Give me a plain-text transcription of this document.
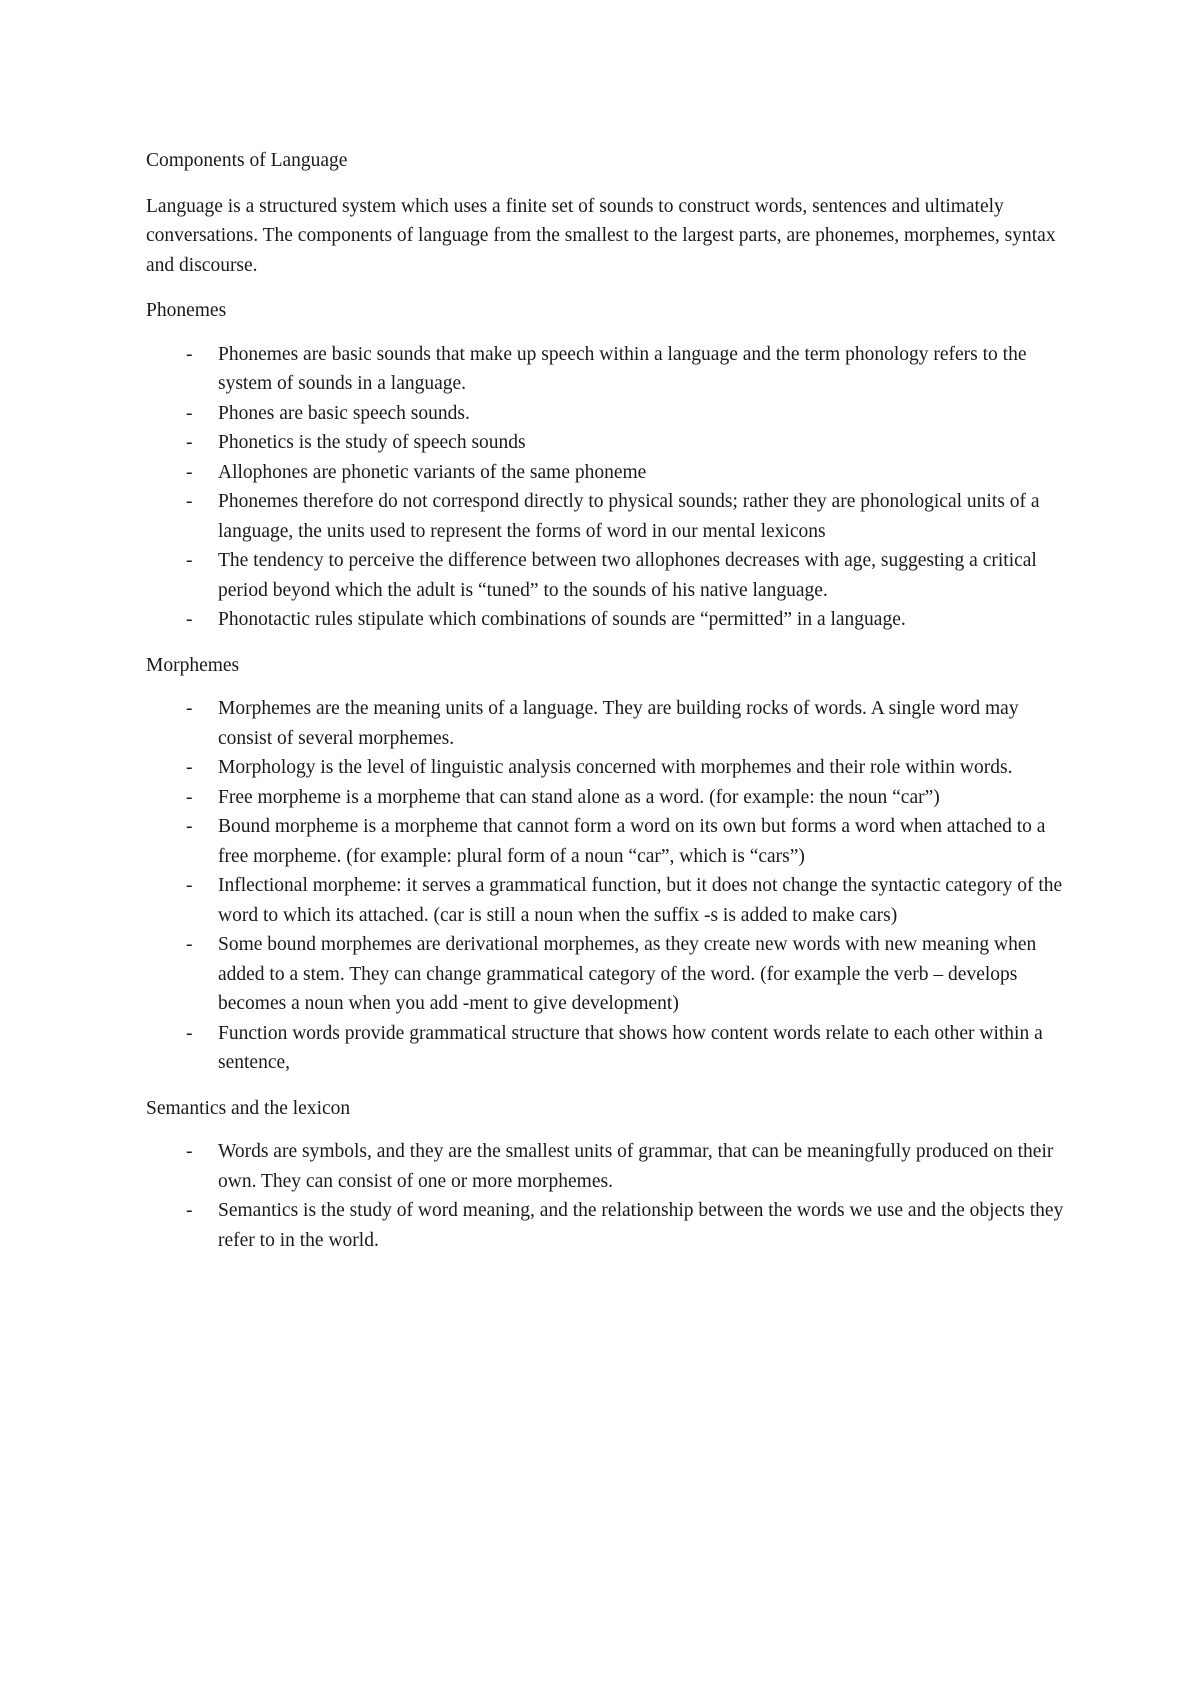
Components of Language

Language is a structured system which uses a finite set of sounds to construct words, sentences and ultimately conversations. The components of language from the smallest to the largest parts, are phonemes, morphemes, syntax and discourse.

Phonemes

-	Phonemes are basic sounds that make up speech within a language and the term phonology refers to the system of sounds in a language.
-	Phones are basic speech sounds.
-	Phonetics is the study of speech sounds
-	Allophones are phonetic variants of the same phoneme
-	Phonemes therefore do not correspond directly to physical sounds; rather they are phonological units of a language, the units used to represent the forms of word in our mental lexicons
-	The tendency to perceive the difference between two allophones decreases with age, suggesting a critical period beyond which the adult is “tuned” to the sounds of his native language.
-	Phonotactic rules stipulate which combinations of sounds are “permitted” in a language.

Morphemes

-	Morphemes are the meaning units of a language. They are building rocks of words. A single word may consist of several morphemes.
-	Morphology is the level of linguistic analysis concerned with morphemes and their role within words.
-	Free morpheme is a morpheme that can stand alone as a word. (for example: the noun “car”)
-	Bound morpheme is a morpheme that cannot form a word on its own but forms a word when attached to a free morpheme. (for example: plural form of a noun “car”, which is “cars”)
-	Inflectional morpheme: it serves a grammatical function, but it does not change the syntactic category of the word to which its attached. (car is still a noun when the suffix -s is added to make cars)
-	Some bound morphemes are derivational morphemes, as they create new words with new meaning when added to a stem. They can change grammatical category of the word. (for example the verb – develops becomes a noun when you add -ment to give development)
-	Function words provide grammatical structure that shows how content words relate to each other within a sentence,

Semantics and the lexicon

-	Words are symbols, and they are the smallest units of grammar, that can be meaningfully produced on their own. They can consist of one or more morphemes.
-	Semantics is the study of word meaning, and the relationship between the words we use and the objects they refer to in the world.
